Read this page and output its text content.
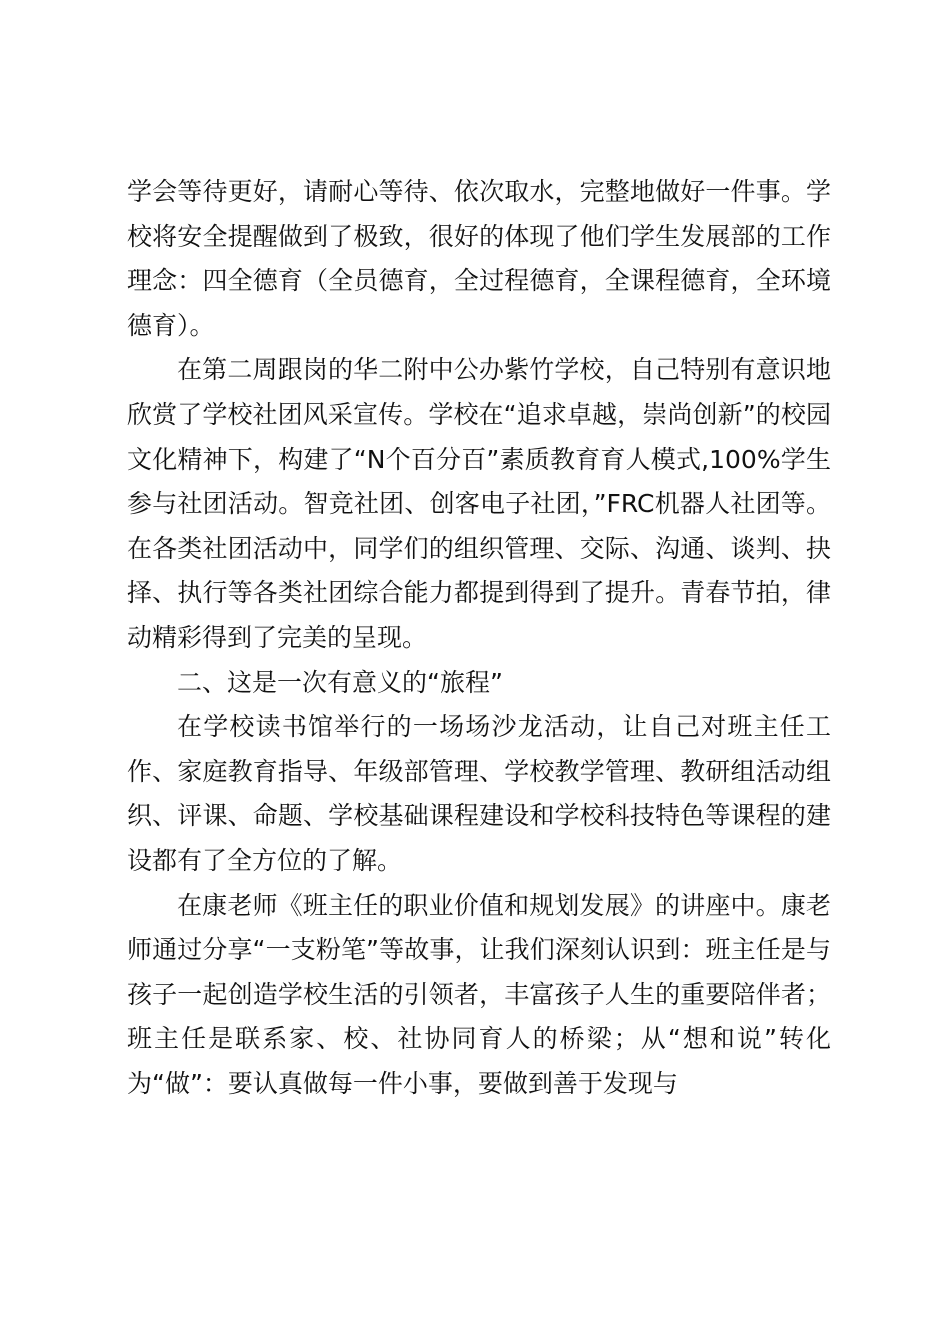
学会等待更好，请耐心等待、依次取水，完整地做好一件事。学校将安全提醒做到了极致，很好的体现了他们学生发展部的工作理念：四全德育（全员德育，全过程德育，全课程德育，全环境德育）。

在第二周跟岗的华二附中公办紫竹学校，自己特别有意识地欣赏了学校社团风采宣传。学校在“追求卓越，崇尚创新”的校园文化精神下，构建了“N个百分百”素质教育育人模式,100%学生参与社团活动。智竞社团、创客电子社团，”FRC机器人社团等。在各类社团活动中，同学们的组织管理、交际、沟通、谈判、抉择、执行等各类社团综合能力都提到得到了提升。青春节拍，律动精彩得到了完美的呈现。

二、这是一次有意义的“旅程”

在学校读书馆举行的一场场沙龙活动，让自己对班主任工作、家庭教育指导、年级部管理、学校教学管理、教研组活动组织、评课、命题、学校基础课程建设和学校科技特色等课程的建设都有了全方位的了解。

在康老师《班主任的职业价值和规划发展》的讲座中。康老师通过分享“一支粉笔”等故事，让我们深刻认识到：班主任是与孩子一起创造学校生活的引领者，丰富孩子人生的重要陪伴者；班主任是联系家、校、社协同育人的桥梁；从“想和说”转化为“做”：要认真做每一件小事，要做到善于发现与
